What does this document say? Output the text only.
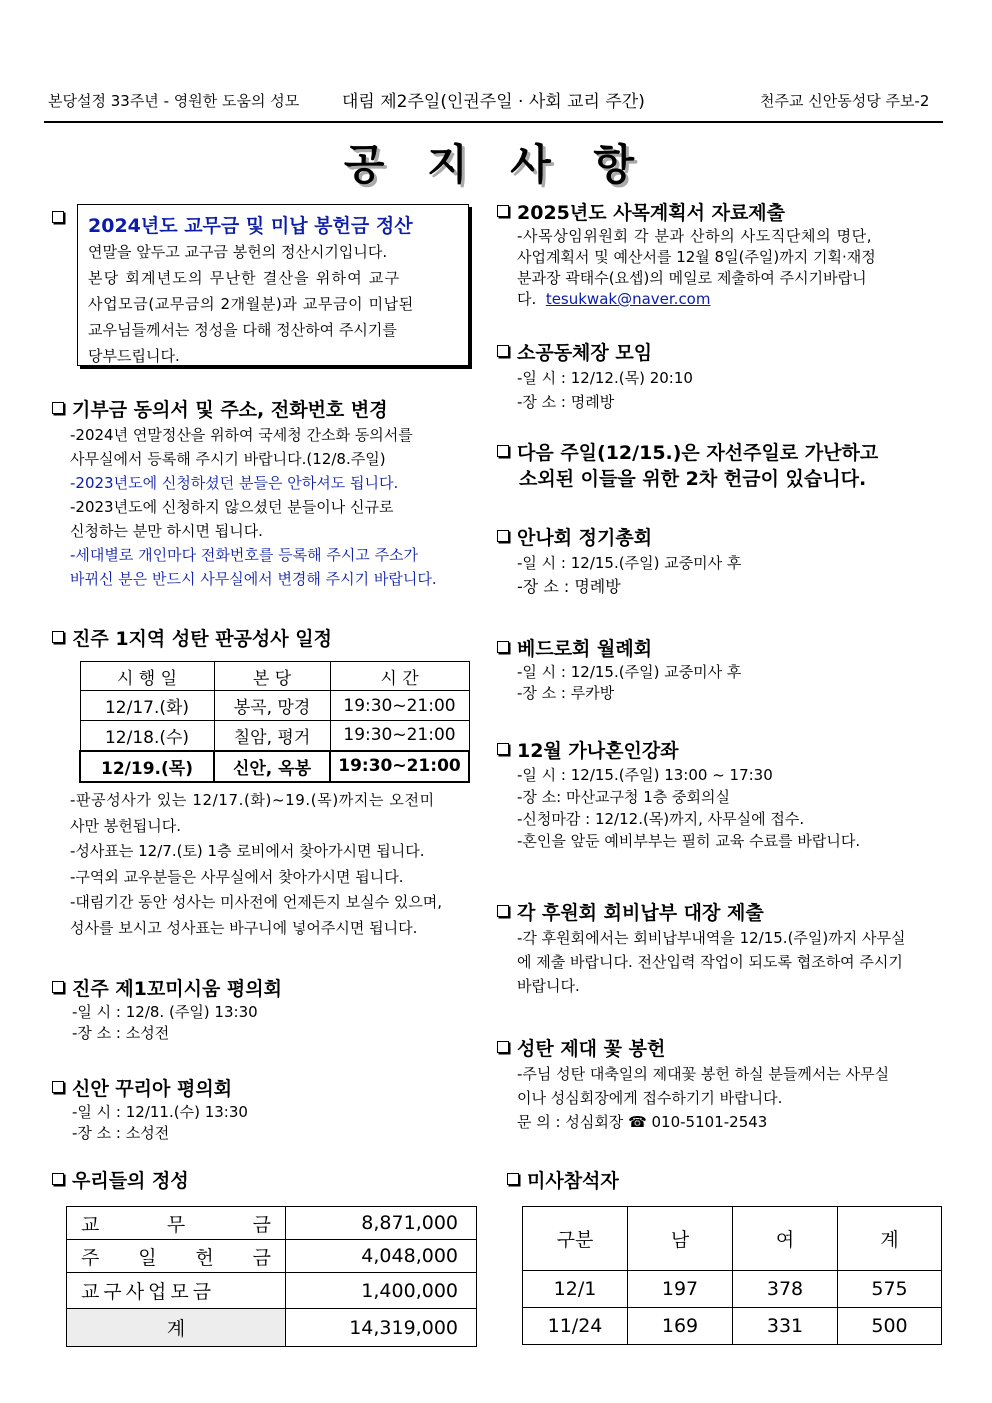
본당설정 33주년 - 영원한 도움의 성모	대림 제2주일(인권주일 · 사회 교리 주간)	천주교 신안동성당 주보-2
공 지 사 항
2024년도 교무금 및 미납 봉헌금 정산
연말을 앞두고 교구금 봉헌의 정산시기입니다.
본당 회계년도의 무난한 결산을 위하여 교구
사업모금(교무금의 2개월분)과 교무금이 미납된
교우님들께서는 정성을 다해 정산하여 주시기를
당부드립니다.
기부금 동의서 및 주소, 전화번호 변경
-2024년 연말정산을 위하여 국세청 간소화 동의서를
사무실에서 등록해 주시기 바랍니다.(12/8.주일)
-2023년도에 신청하셨던 분들은 안하셔도 됩니다.
-2023년도에 신청하지 않으셨던 분들이나 신규로
신청하는 분만 하시면 됩니다.
-세대별로 개인마다 전화번호를 등록해 주시고 주소가
바뀌신 분은 반드시 사무실에서 변경해 주시기 바랍니다.
진주 1지역 성탄 판공성사 일정
시 행 일	본 당	시 간
12/17.(화)	봉곡, 망경	19:30~21:00
12/18.(수)	칠암, 평거	19:30~21:00
12/19.(목)	신안, 옥봉	19:30~21:00
-판공성사가 있는 12/17.(화)~19.(목)까지는 오전미
사만 봉헌됩니다.
-성사표는 12/7.(토) 1층 로비에서 찾아가시면 됩니다.
-구역외 교우분들은 사무실에서 찾아가시면 됩니다.
-대림기간 동안 성사는 미사전에 언제든지 보실수 있으며,
성사를 보시고 성사표는 바구니에 넣어주시면 됩니다.
진주 제1꼬미시움 평의회
-일 시 : 12/8. (주일) 13:30
-장 소 : 소성전
신안 꾸리아 평의회
-일 시 : 12/11.(수) 13:30
-장 소 : 소성전
2025년도 사목계획서 자료제출
-사목상임위원회 각 분과 산하의 사도직단체의 명단,
사업계획서 및 예산서를 12월 8일(주일)까지 기획·재정
분과장 곽태수(요셉)의 메일로 제출하여 주시기바랍니
다. tesukwak@naver.com
소공동체장 모임
-일 시 : 12/12.(목) 20:10
-장 소 : 명례방
다음 주일(12/15.)은 자선주일로 가난하고
소외된 이들을 위한 2차 헌금이 있습니다.
안나회 정기총회
-일 시 : 12/15.(주일) 교중미사 후
-장 소 : 명례방
베드로회 월례회
-일 시 : 12/15.(주일) 교중미사 후
-장 소 : 루카방
12월 가나혼인강좌
-일 시 : 12/15.(주일) 13:00 ~ 17:30
-장 소: 마산교구청 1층 중회의실
-신청마감 : 12/12.(목)까지, 사무실에 접수.
-혼인을 앞둔 예비부부는 필히 교육 수료를 바랍니다.
각 후원회 회비납부 대장 제출
-각 후원회에서는 회비납부내역을 12/15.(주일)까지 사무실
에 제출 바랍니다. 전산입력 작업이 되도록 협조하여 주시기
바랍니다.
성탄 제대 꽃 봉헌
-주님 성탄 대축일의 제대꽃 봉헌 하실 분들께서는 사무실
이나 성심회장에게 접수하기기 바랍니다.
문 의 : 성심회장 ☎ 010-5101-2543
우리들의 정성
교 무 금	8,871,000
주 일 헌 금	4,048,000
교구사업모금	1,400,000
계	14,319,000
미사참석자
구분	남	여	계
12/1	197	378	575
11/24	169	331	500
